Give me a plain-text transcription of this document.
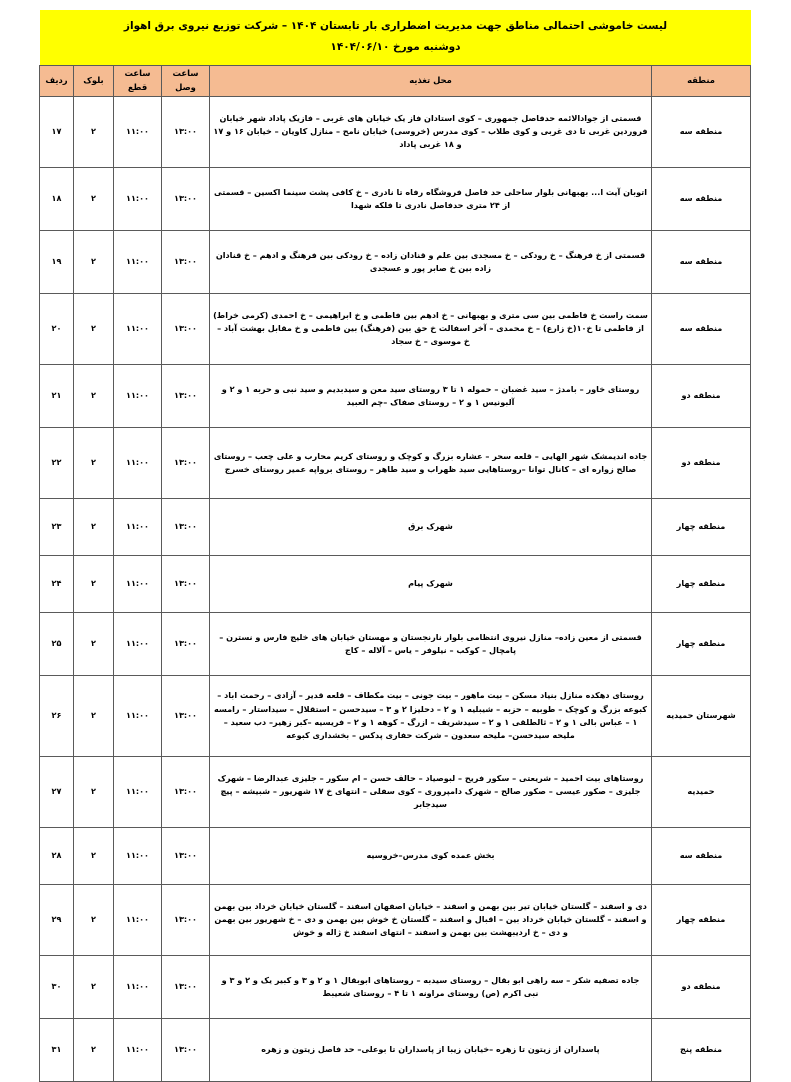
لیست خاموشی احتمالی مناطق جهت مدیریت اضطراری بار تابستان ۱۴۰۴ – شرکت توزیع نیروی برق اهواز
دوشنبه مورخ ۱۴۰۴/۰۶/۱۰
منطقه	محل تغذیه	ساعت وصل	ساعت قطع	بلوک	ردیف
منطقه سه	قسمتی از جوادالائمه حدفاصل جمهوری – کوی استادان فاز یک خیابان های غربی – فازیک پاداد شهر خیابان فروردین غربی تا دی غربی و کوی طلاب – کوی مدرس (خروسی) خیابان نامح – منازل کاویان – خیابان ۱۶ و ۱۷ و ۱۸ غربی پاداد	۱۳:۰۰	۱۱:۰۰	۲	۱۷
منطقه سه	اتوبان آیت ا... بهبهانی بلوار ساحلی حد فاصل فروشگاه رفاه تا نادری – خ کافی پشت سینما اکسین – قسمتی از ۲۴ متری حدفاصل نادری تا فلکه شهدا	۱۳:۰۰	۱۱:۰۰	۲	۱۸
منطقه سه	قسمتی از خ فرهنگ – خ رودکی – خ مسجدی بین علم و قنادان زاده – خ رودکی بین فرهنگ و ادهم – خ قنادان زاده بین خ صابر پور و عسجدی	۱۳:۰۰	۱۱:۰۰	۲	۱۹
منطقه سه	سمت راست خ فاطمی بین سی متری و بهبهانی – خ ادهم بین فاطمی و خ ابراهیمی – خ احمدی (کرمی خراط) از فاطمی تا خ۱۰(خ زارع) – خ محمدی – آخر اسفالت خ حق بین (فرهنگ) بین فاطمی و خ مقابل بهشت آباد – خ موسوی – خ سجاد	۱۳:۰۰	۱۱:۰۰	۲	۲۰
منطقه دو	روستای خاور – بامدژ – سید غضبان – حموله ۱ تا ۳ روستای سید معن و سیدبدیم و سید نبی و حربه ۱ و ۲ و آلبونیس ۱ و ۲ – روستای صفاک –چم العبید	۱۳:۰۰	۱۱:۰۰	۲	۲۱
منطقه دو	جاده اندیمشک شهر الهایی – قلعه سحر – عشاره بزرگ و کوچک و روستای کریم محارب و علی چعب – روستای صالح زواره ای – کانال توانا –روستاهایی سید ظهراب و سید طاهر – روستای برواپه عمیر روستای خسرج	۱۳:۰۰	۱۱:۰۰	۲	۲۲
منطقه چهار	شهرک برق	۱۳:۰۰	۱۱:۰۰	۲	۲۳
منطقه چهار	شهرک پیام	۱۳:۰۰	۱۱:۰۰	۲	۲۴
منطقه چهار	قسمتی از معین زاده– منازل نیروی انتظامی بلوار نارنجستان و مهستان خیابان های خلیج فارس و نسترن – پامچال – کوکب – نیلوفر – یاس – آلاله – کاج	۱۳:۰۰	۱۱:۰۰	۲	۲۵
شهرستان حمیدیه	روستای دهکده منازل بنیاد مسکن – بیت ماهور – بیت جونی – بیت مکطاف – قلعه قدیر – آزادی – رحمت اباد – کبوعه بزرگ و کوچک – طوبیه – حزبه – شیبلیه ۱ و ۲ – دحلیزا ۲ و ۳ – سیدحسن – استقلال – سیداستار – رامسه ۱ – عباس بالی ۱ و ۲ – ثالطلقی ۱ و ۲ – سیدشریف – ازرگ – کوهه ۱ و ۲ – فریسیه –کبر زهیر– دب سعید – ملیحه سیدحسن– ملیحه سعدون – شرکت حفاری پدکس – بخشداری کبوعه	۱۳:۰۰	۱۱:۰۰	۲	۲۶
حمیدیه	روستاهای بیت احمید – شریعتی – سکور فریح – لبوصیاد – حالف حسن – ام سکور – جلیزی عبدالرضا – شهرک جلیزی – صکور عیسی – صکور صالح – شهرک دامپروری – کوی سفلی – انتهای خ ۱۷ شهریور – شبیشه – پیچ سیدجابر	۱۳:۰۰	۱۱:۰۰	۲	۲۷
منطقه سه	بخش عمده کوی مدرس–خروسیه	۱۳:۰۰	۱۱:۰۰	۲	۲۸
منطقه چهار	دی و اسفند – گلستان خیابان تیر بین بهمن و اسفند – خیابان اصفهان اسفند – گلستان خیابان خرداد بین بهمن و اسفند – گلستان خیابان خرداد بین – اقبال و اسفند – گلستان خ خوش بین بهمن و دی – خ شهریور بین بهمن و دی – خ اردیبهشت بین بهمن و اسفند – انتهای اسفند خ ژاله و خوش	۱۳:۰۰	۱۱:۰۰	۲	۲۹
منطقه دو	جاده تصفیه شکر – سه راهی ابو بقال – روستای سیدبه – روستاهای ابوبقال ۱ و ۲ و ۳ و کبیر یک و ۲ و ۳ و نبی اکرم (ص) روستای مراونه ۱ تا ۴ – روستای شعیبط	۱۳:۰۰	۱۱:۰۰	۲	۳۰
منطقه پنج	پاسداران از زیتون تا زهره –خیابان زیبا از پاسداران تا بوعلی– حد فاصل زیتون و زهره	۱۳:۰۰	۱۱:۰۰	۲	۳۱
